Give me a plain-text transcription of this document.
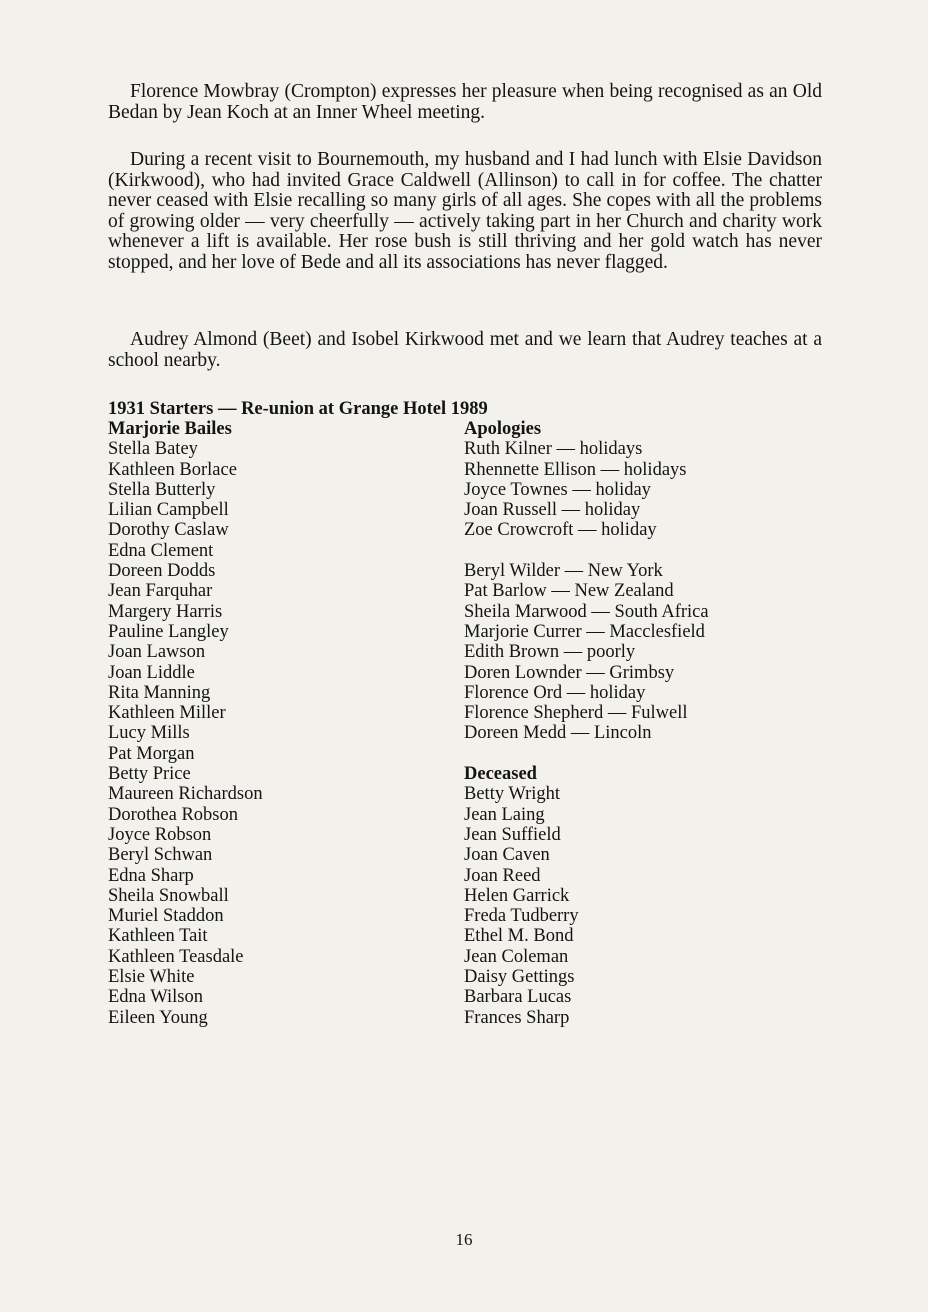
Florence Mowbray (Crompton) expresses her pleasure when being recognised as an Old Bedan by Jean Koch at an Inner Wheel meeting.

During a recent visit to Bournemouth, my husband and I had lunch with Elsie Davidson (Kirkwood), who had invited Grace Caldwell (Allinson) to call in for coffee. The chatter never ceased with Elsie recalling so many girls of all ages. She copes with all the problems of growing older — very cheerfully — actively taking part in her Church and charity work whenever a lift is available. Her rose bush is still thriving and her gold watch has never stopped, and her love of Bede and all its associations has never flagged.

Audrey Almond (Beet) and Isobel Kirkwood met and we learn that Audrey teaches at a school nearby.

1931 Starters — Re-union at Grange Hotel 1989
Marjorie Bailes
Stella Batey
Kathleen Borlace
Stella Butterly
Lilian Campbell
Dorothy Caslaw
Edna Clement
Doreen Dodds
Jean Farquhar
Margery Harris
Pauline Langley
Joan Lawson
Joan Liddle
Rita Manning
Kathleen Miller
Lucy Mills
Pat Morgan
Betty Price
Maureen Richardson
Dorothea Robson
Joyce Robson
Beryl Schwan
Edna Sharp
Sheila Snowball
Muriel Staddon
Kathleen Tait
Kathleen Teasdale
Elsie White
Edna Wilson
Eileen Young
Apologies
Ruth Kilner — holidays
Rhennette Ellison — holidays
Joyce Townes — holiday
Joan Russell — holiday
Zoe Crowcroft — holiday
Beryl Wilder — New York
Pat Barlow — New Zealand
Sheila Marwood — South Africa
Marjorie Currer — Macclesfield
Edith Brown — poorly
Doren Lownder — Grimbsy
Florence Ord — holiday
Florence Shepherd — Fulwell
Doreen Medd — Lincoln
Deceased
Betty Wright
Jean Laing
Jean Suffield
Joan Caven
Joan Reed
Helen Garrick
Freda Tudberry
Ethel M. Bond
Jean Coleman
Daisy Gettings
Barbara Lucas
Frances Sharp
16
